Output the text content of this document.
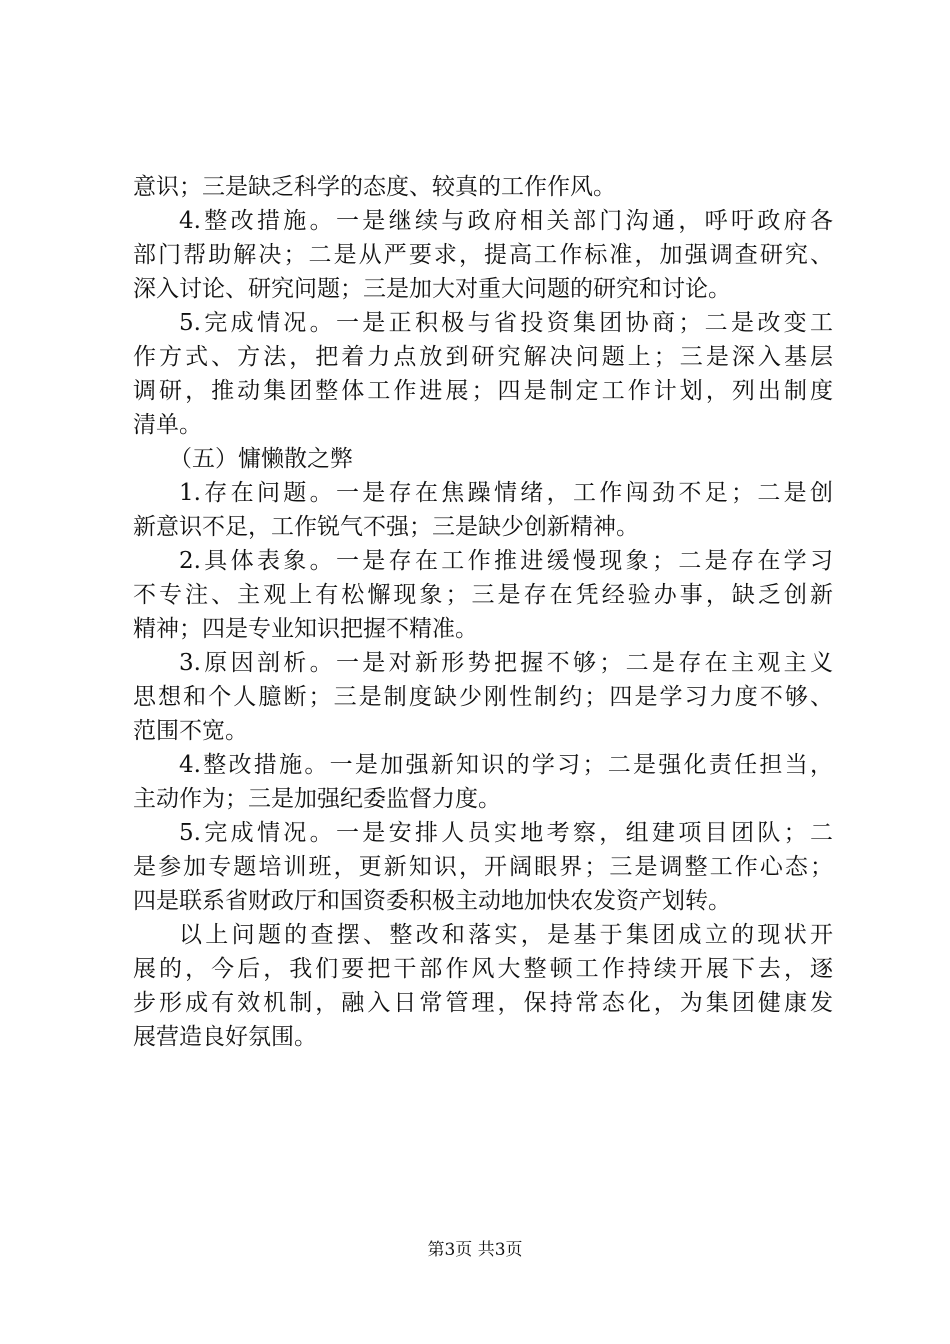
意识；三是缺乏科学的态度、较真的工作作风。
4.整改措施。一是继续与政府相关部门沟通，呼吁政府各
部门帮助解决；二是从严要求，提高工作标准，加强调查研究、
深入讨论、研究问题；三是加大对重大问题的研究和讨论。
5.完成情况。一是正积极与省投资集团协商；二是改变工
作方式、方法，把着力点放到研究解决问题上；三是深入基层
调研，推动集团整体工作进展；四是制定工作计划，列出制度
清单。
（五）慵懒散之弊
1.存在问题。一是存在焦躁情绪，工作闯劲不足；二是创
新意识不足，工作锐气不强；三是缺少创新精神。
2.具体表象。一是存在工作推进缓慢现象；二是存在学习
不专注、主观上有松懈现象；三是存在凭经验办事，缺乏创新
精神；四是专业知识把握不精准。
3.原因剖析。一是对新形势把握不够；二是存在主观主义
思想和个人臆断；三是制度缺少刚性制约；四是学习力度不够、
范围不宽。
4.整改措施。一是加强新知识的学习；二是强化责任担当，
主动作为；三是加强纪委监督力度。
5.完成情况。一是安排人员实地考察，组建项目团队；二
是参加专题培训班，更新知识，开阔眼界；三是调整工作心态；
四是联系省财政厅和国资委积极主动地加快农发资产划转。
以上问题的查摆、整改和落实，是基于集团成立的现状开
展的，今后，我们要把干部作风大整顿工作持续开展下去，逐
步形成有效机制，融入日常管理，保持常态化，为集团健康发
展营造良好氛围。
第3页 共3页
